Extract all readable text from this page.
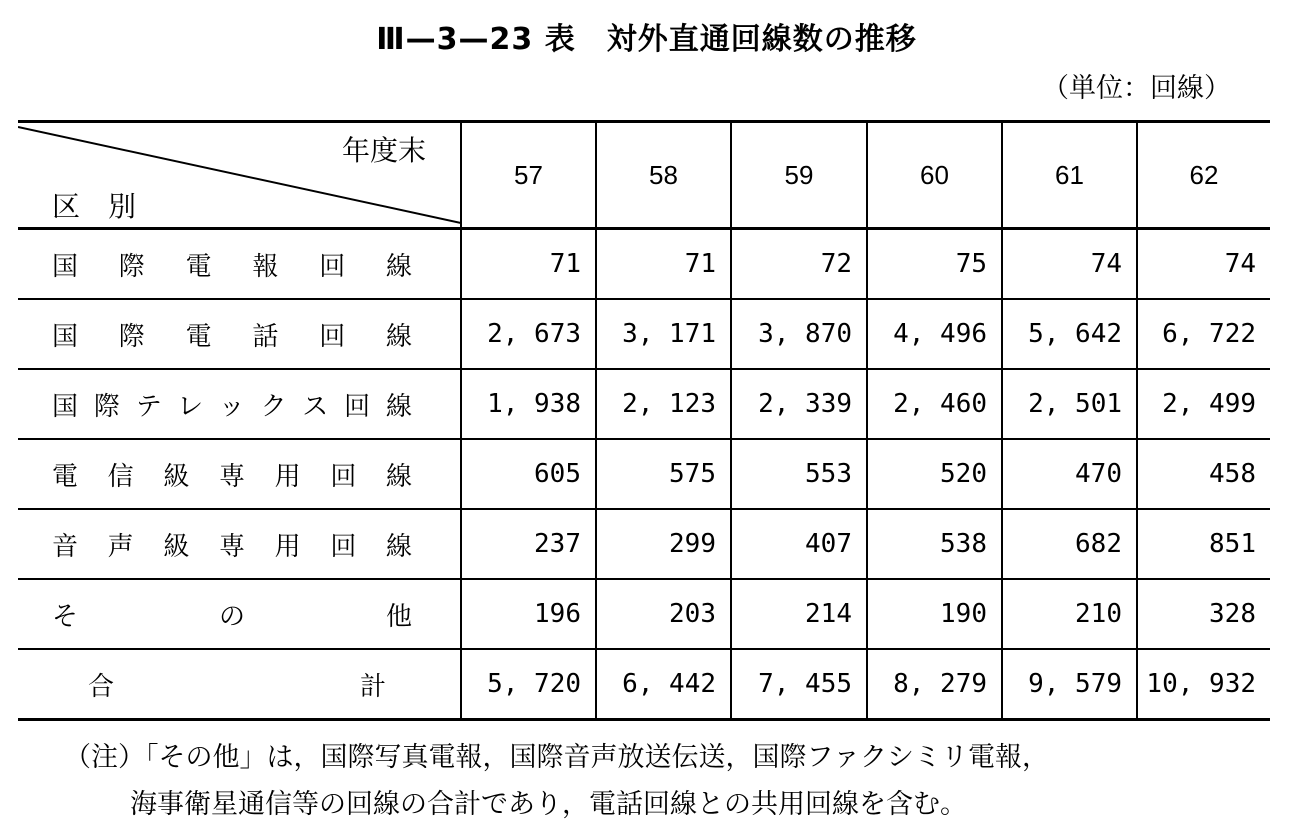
Ⅲ—3—23 表　対外直通回線数の推移
（単位：回線）
年度末
区　別	57	58	59	60	61	62

国際電報回線	71	71	72	75	74	74

国際電話回線	2, 673	3, 171	3, 870	4, 496	5, 642	6, 722

国際テレックス回線	1, 938	2, 123	2, 339	2, 460	2, 501	2, 499

電信級専用回線	605	575	553	520	470	458

音声級専用回線	237	299	407	538	682	851

そ　の　他	196	203	214	190	210	328

合　　計	5, 720	6, 442	7, 455	8, 279	9, 579	10, 932
（注）「その他」は，国際写真電報，国際音声放送伝送，国際ファクシミリ電報，
海事衛星通信等の回線の合計であり，電話回線との共用回線を含む。
